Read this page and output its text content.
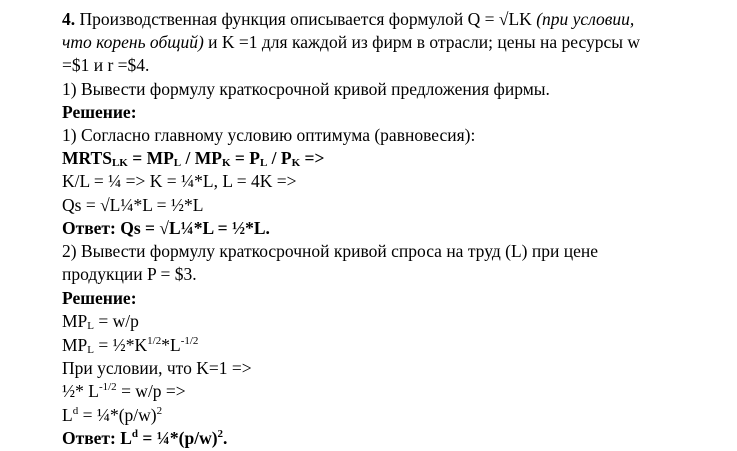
4. Производственная функция описывается формулой Q = √LK (при условии,
что корень общий) и K =1 для каждой из фирм в отрасли; цены на ресурсы w
=$1 и r =$4.
1) Вывести формулу краткосрочной кривой предложения фирмы.
Решение:
1) Согласно главному условию оптимума (равновесия):
MRTSLK = MPL / MPK = PL / PK =>
K/L = ¼ => K = ¼*L, L = 4K =>
Qs = √L¼*L = ½*L
Ответ: Qs = √L¼*L = ½*L.
2) Вывести формулу краткосрочной кривой спроса на труд (L) при цене
продукции P = $3.
Решение:
MPL = w/p
MPL = $\frac{1}{2}*K^{1/2}*L^{-1/2}$
При условии, что K=1 =>
½* $L^{-1/2} = w/p$ =>
$L^d$ = $\frac{1}{4}*(p/w)^2$
Ответ: $L^d$ = $\frac{1}{4}*(p/w)^2$.
